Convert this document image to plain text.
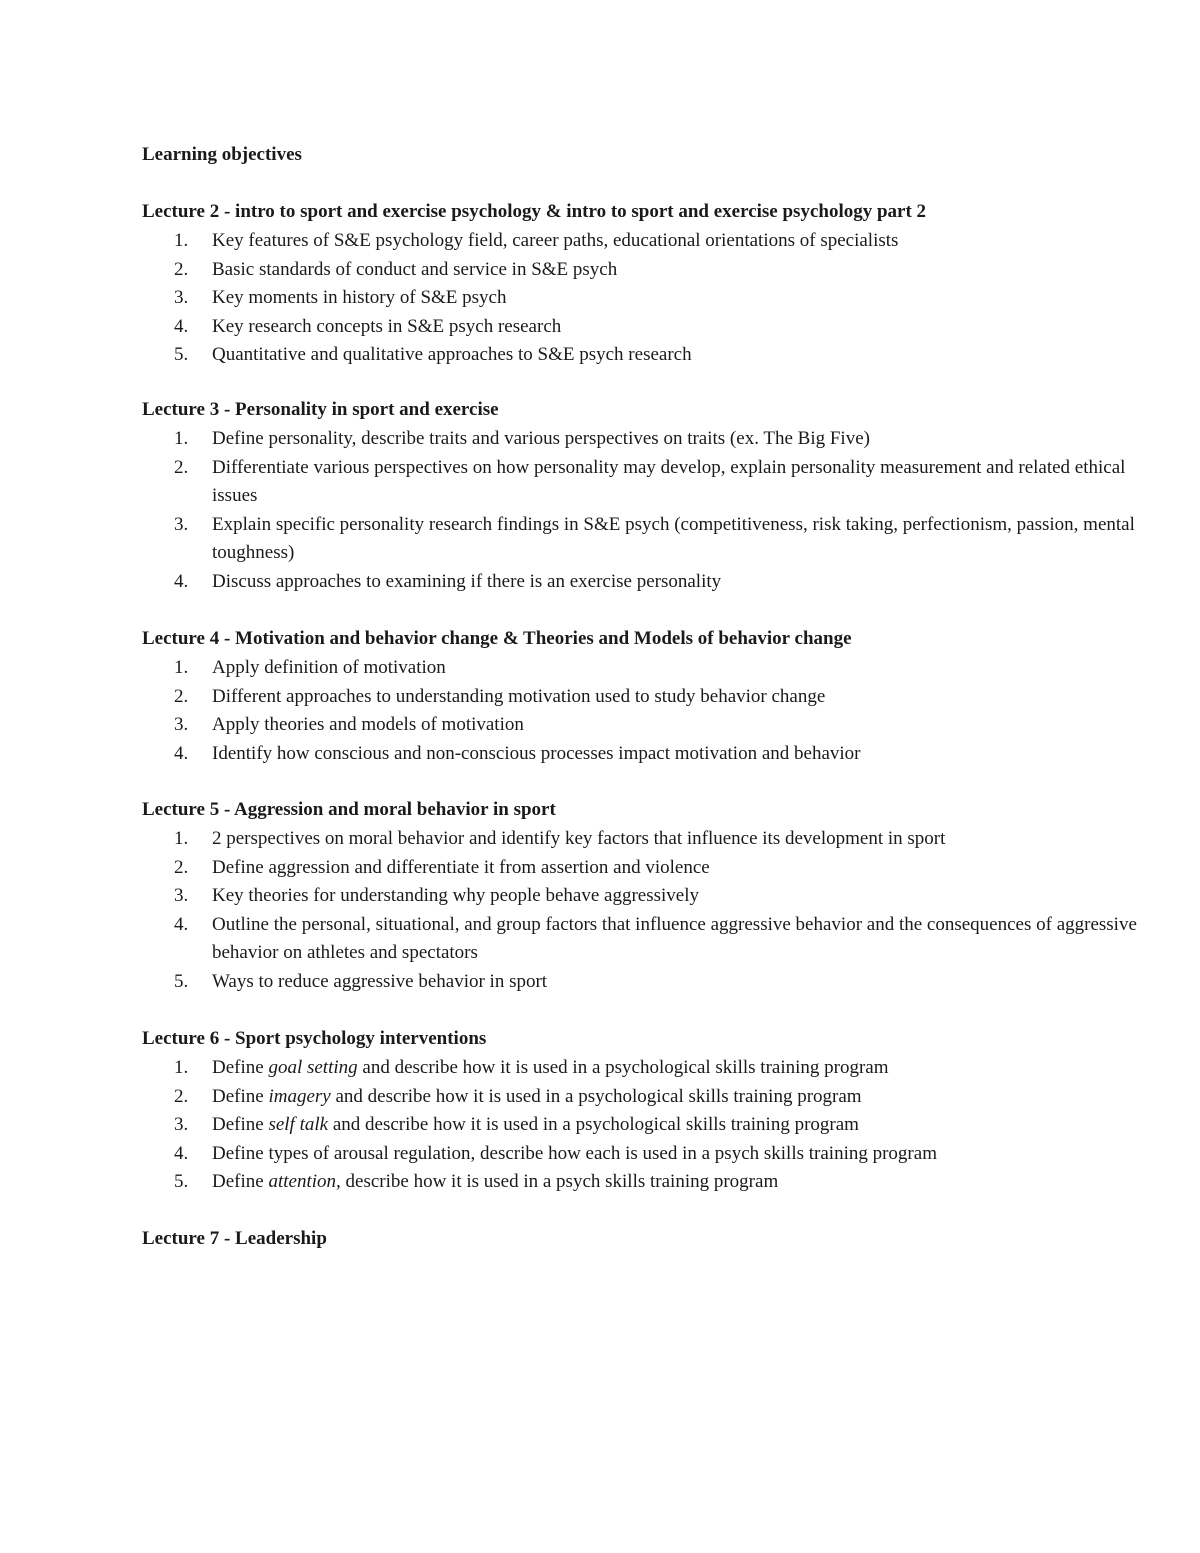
Learning objectives
Lecture 2 - intro to sport and exercise psychology & intro to sport and exercise psychology part 2
1.	Key features of S&E psychology field, career paths, educational orientations of specialists
2.	Basic standards of conduct and service in S&E psych
3.	Key moments in history of S&E psych
4.	Key research concepts in S&E psych research
5.	Quantitative and qualitative approaches to S&E psych research
Lecture 3 - Personality in sport and exercise
1.	Define personality, describe traits and various perspectives on traits (ex. The Big Five)
2.	Differentiate various perspectives on how personality may develop, explain personality measurement and related ethical issues
3.	Explain specific personality research findings in S&E psych (competitiveness, risk taking, perfectionism, passion, mental toughness)
4.	Discuss approaches to examining if there is an exercise personality
Lecture 4 - Motivation and behavior change & Theories and Models of behavior change
1.	Apply definition of motivation
2.	Different approaches to understanding motivation used to study behavior change
3.	Apply theories and models of motivation
4.	Identify how conscious and non-conscious processes impact motivation and behavior
Lecture 5 - Aggression and moral behavior in sport
1.	2 perspectives on moral behavior and identify key factors that influence its development in sport
2.	Define aggression and differentiate it from assertion and violence
3.	Key theories for understanding why people behave aggressively
4.	Outline the personal, situational, and group factors that influence aggressive behavior and the consequences of aggressive behavior on athletes and spectators
5.	Ways to reduce aggressive behavior in sport
Lecture 6 - Sport psychology interventions
1.	Define goal setting and describe how it is used in a psychological skills training program
2.	Define imagery and describe how it is used in a psychological skills training program
3.	Define self talk and describe how it is used in a psychological skills training program
4.	Define types of arousal regulation, describe how each is used in a psych skills training program
5.	Define attention, describe how it is used in a psych skills training program
Lecture 7 - Leadership
